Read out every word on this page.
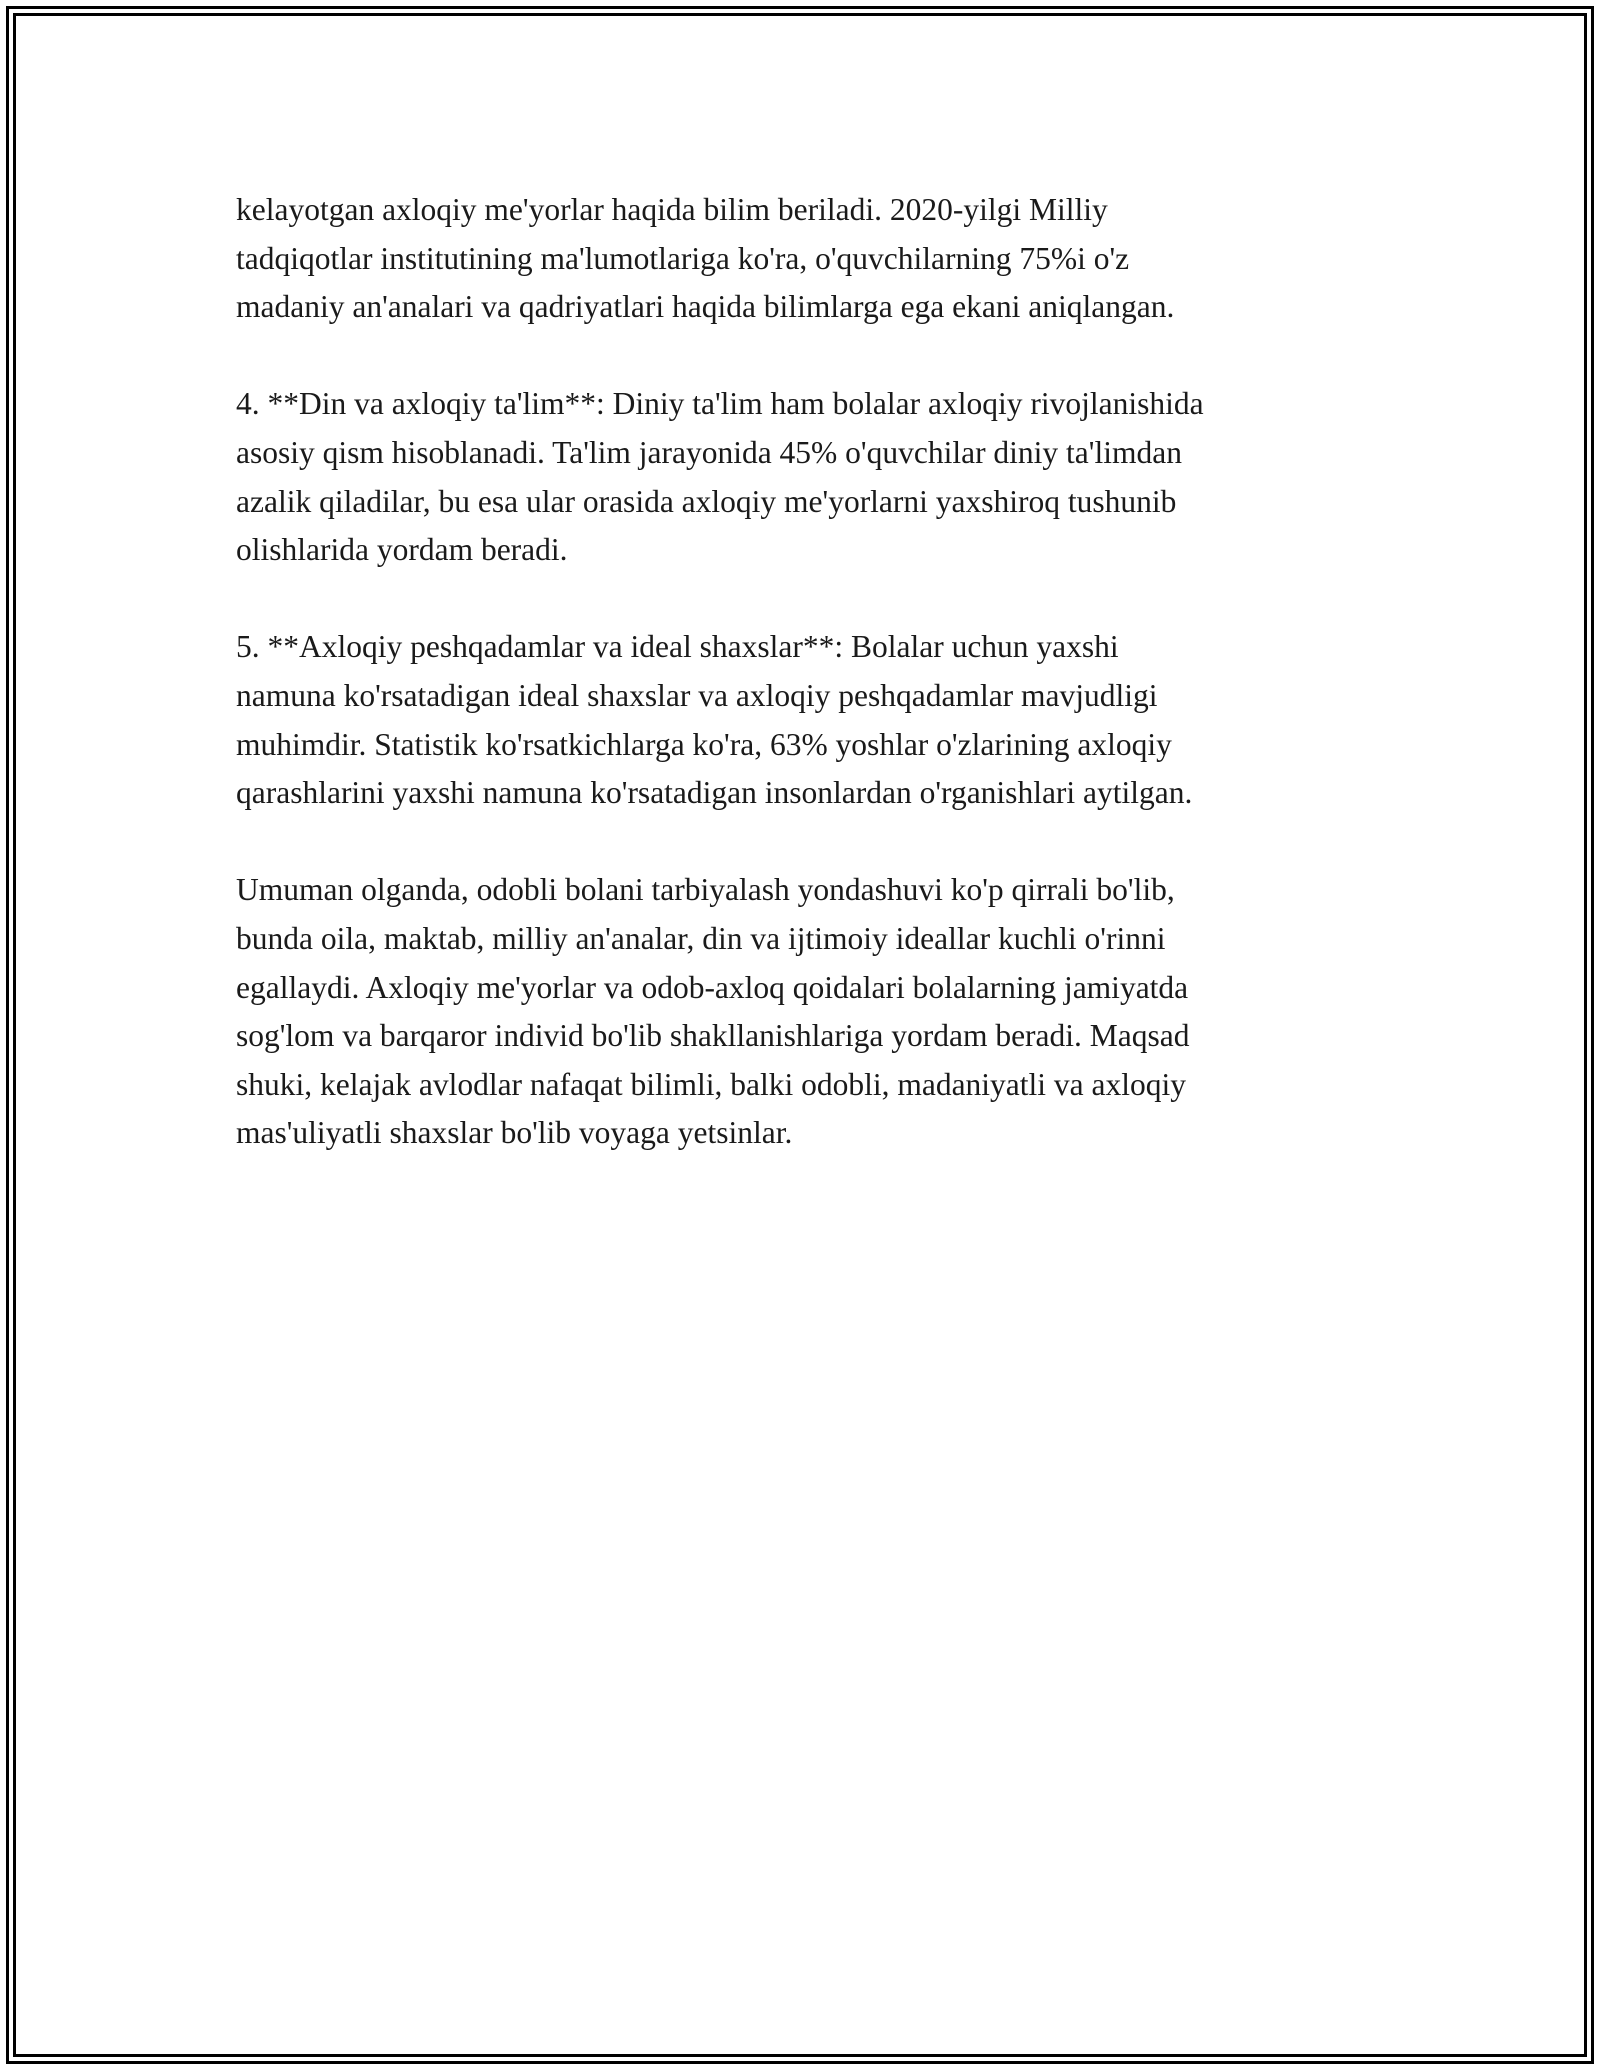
kelayotgan axloqiy me'yorlar haqida bilim beriladi. 2020-yilgi Milliy
tadqiqotlar institutining ma'lumotlariga ko'ra, o'quvchilarning 75%i o'z
madaniy an'analari va qadriyatlari haqida bilimlarga ega ekani aniqlangan.

4. **Din va axloqiy ta'lim**: Diniy ta'lim ham bolalar axloqiy rivojlanishida
asosiy qism hisoblanadi. Ta'lim jarayonida 45% o'quvchilar diniy ta'limdan
azalik qiladilar, bu esa ular orasida axloqiy me'yorlarni yaxshiroq tushunib
olishlarida yordam beradi.

5. **Axloqiy peshqadamlar va ideal shaxslar**: Bolalar uchun yaxshi
namuna ko'rsatadigan ideal shaxslar va axloqiy peshqadamlar mavjudligi
muhimdir. Statistik ko'rsatkichlarga ko'ra, 63% yoshlar o'zlarining axloqiy
qarashlarini yaxshi namuna ko'rsatadigan insonlardan o'rganishlari aytilgan.

Umuman olganda, odobli bolani tarbiyalash yondashuvi ko'p qirrali bo'lib,
bunda oila, maktab, milliy an'analar, din va ijtimoiy ideallar kuchli o'rinni
egallaydi. Axloqiy me'yorlar va odob-axloq qoidalari bolalarning jamiyatda
sog'lom va barqaror individ bo'lib shakllanishlariga yordam beradi. Maqsad
shuki, kelajak avlodlar nafaqat bilimli, balki odobli, madaniyatli va axloqiy
mas'uliyatli shaxslar bo'lib voyaga yetsinlar.
